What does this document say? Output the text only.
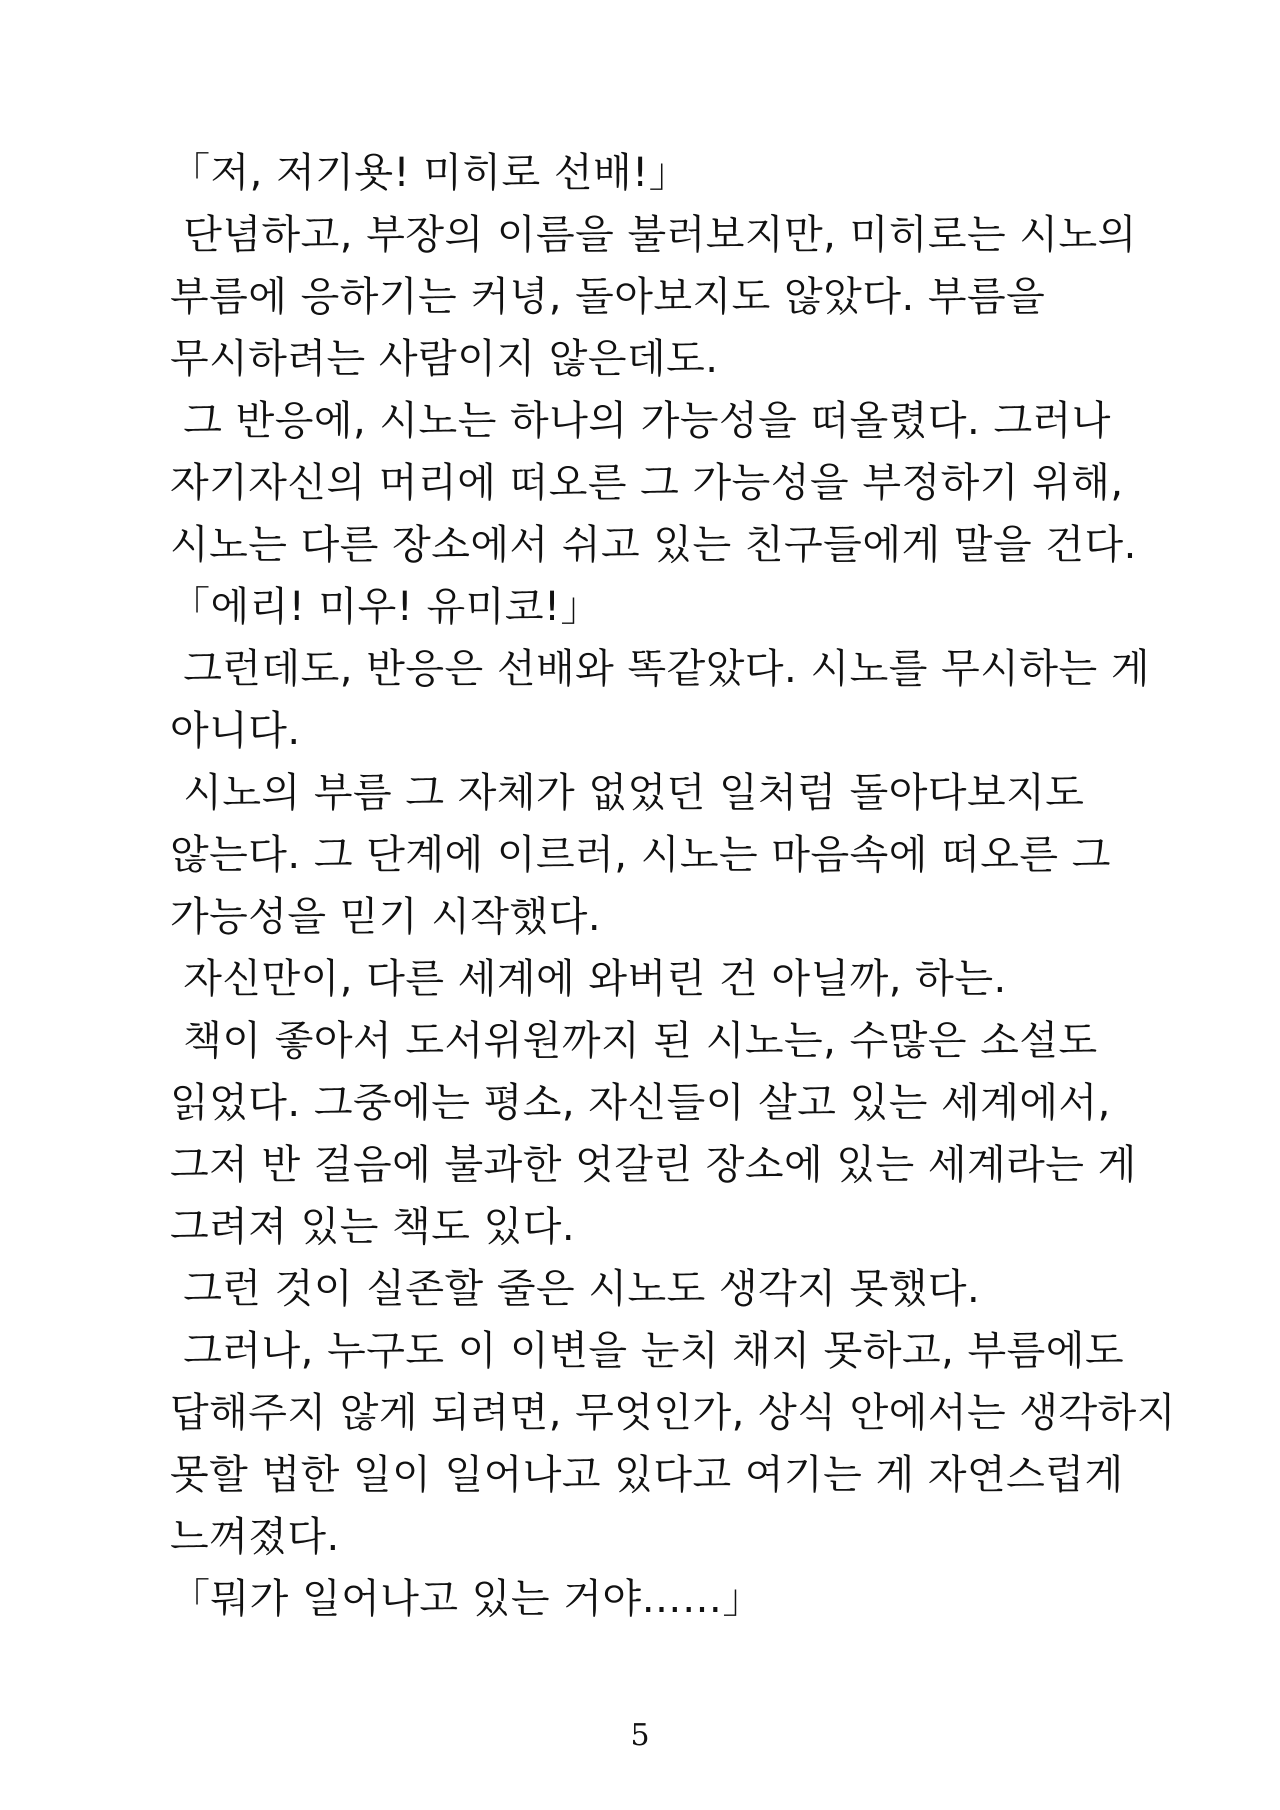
「저, 저기욧! 미히로 선배!」
단념하고, 부장의 이름을 불러보지만, 미히로는 시노의
부름에 응하기는 커녕, 돌아보지도 않았다. 부름을
무시하려는 사람이지 않은데도.
그 반응에, 시노는 하나의 가능성을 떠올렸다. 그러나
자기자신의 머리에 떠오른 그 가능성을 부정하기 위해,
시노는 다른 장소에서 쉬고 있는 친구들에게 말을 건다.
「에리! 미우! 유미코!」
그런데도, 반응은 선배와 똑같았다. 시노를 무시하는 게
아니다.
시노의 부름 그 자체가 없었던 일처럼 돌아다보지도
않는다. 그 단계에 이르러, 시노는 마음속에 떠오른 그
가능성을 믿기 시작했다.
자신만이, 다른 세계에 와버린 건 아닐까, 하는.
책이 좋아서 도서위원까지 된 시노는, 수많은 소설도
읽었다. 그중에는 평소, 자신들이 살고 있는 세계에서,
그저 반 걸음에 불과한 엇갈린 장소에 있는 세계라는 게
그려져 있는 책도 있다.
그런 것이 실존할 줄은 시노도 생각지 못했다.
그러나, 누구도 이 이변을 눈치 채지 못하고, 부름에도
답해주지 않게 되려면, 무엇인가, 상식 안에서는 생각하지
못할 법한 일이 일어나고 있다고 여기는 게 자연스럽게
느껴졌다.
「뭐가 일어나고 있는 거야……」
5
